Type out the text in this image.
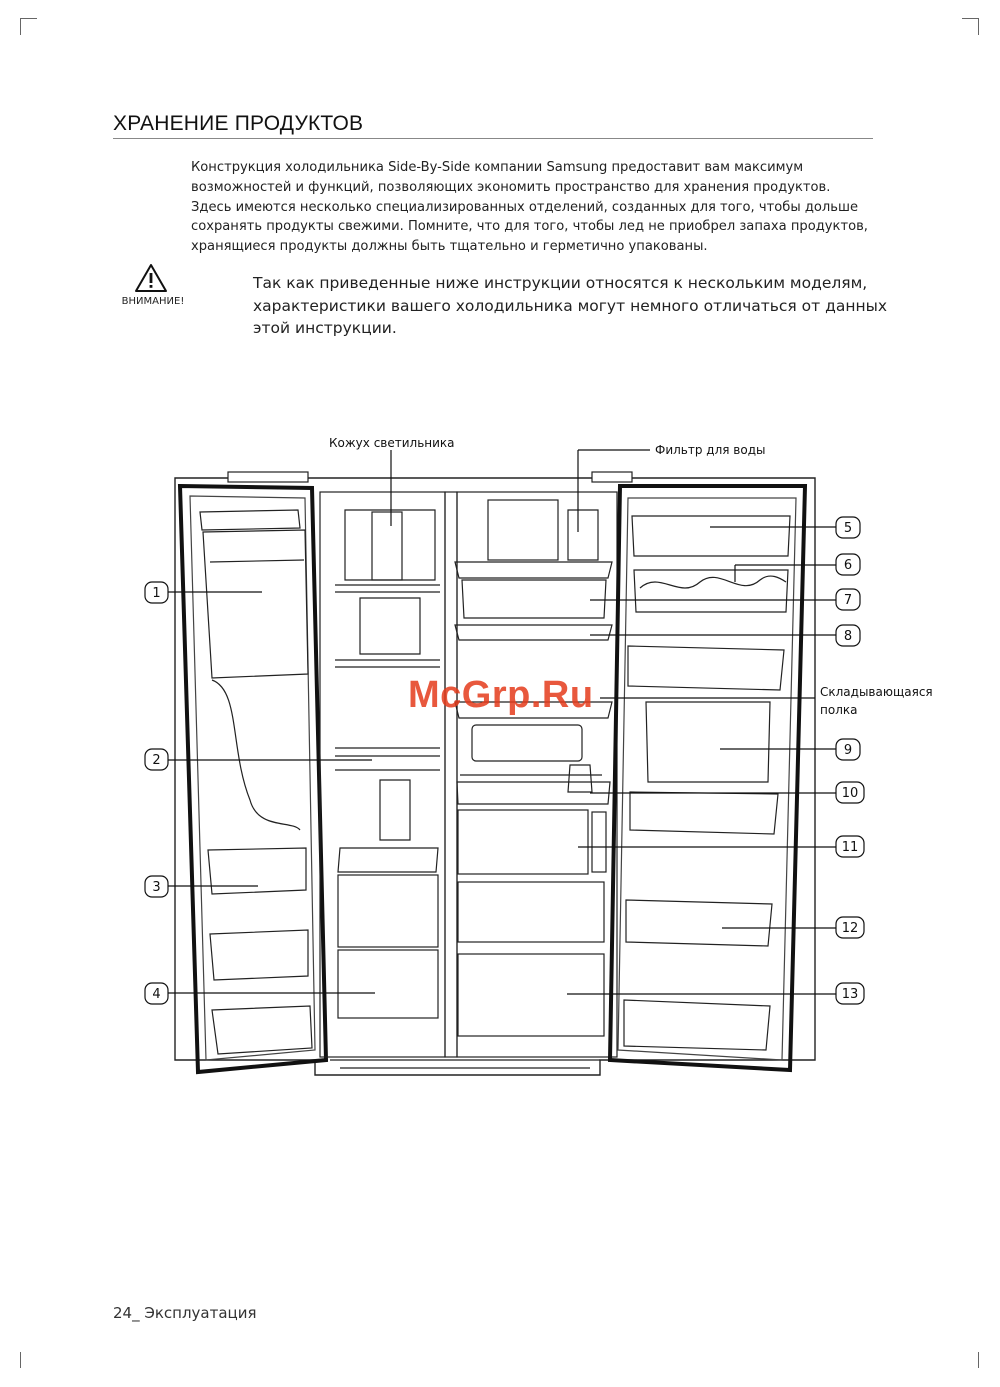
ХРАНЕНИЕ ПРОДУКТОВ
Конструкция холодильника Side-By-Side компании Samsung предоставит вам максимум
возможностей и функций, позволяющих экономить пространство для хранения продуктов.
Здесь имеются несколько специализированных отделений, созданных для того, чтобы дольше
сохранять продукты свежими. Помните, что для того, чтобы лед не приобрел запаха продуктов,
хранящиеся продукты должны быть тщательно и герметично упакованы.
ВНИМАНИЕ!
Так как приведенные ниже инструкции относятся к нескольким моделям,
характеристики вашего холодильника могут немного отличаться от данных
этой инструкции.
Кожух светильника	Фильтр для воды
Складывающаяся
полка
1
2
3
4
5
6
7
8
9
10
11
12
13
McGrp.Ru
24_ Эксплуатация
